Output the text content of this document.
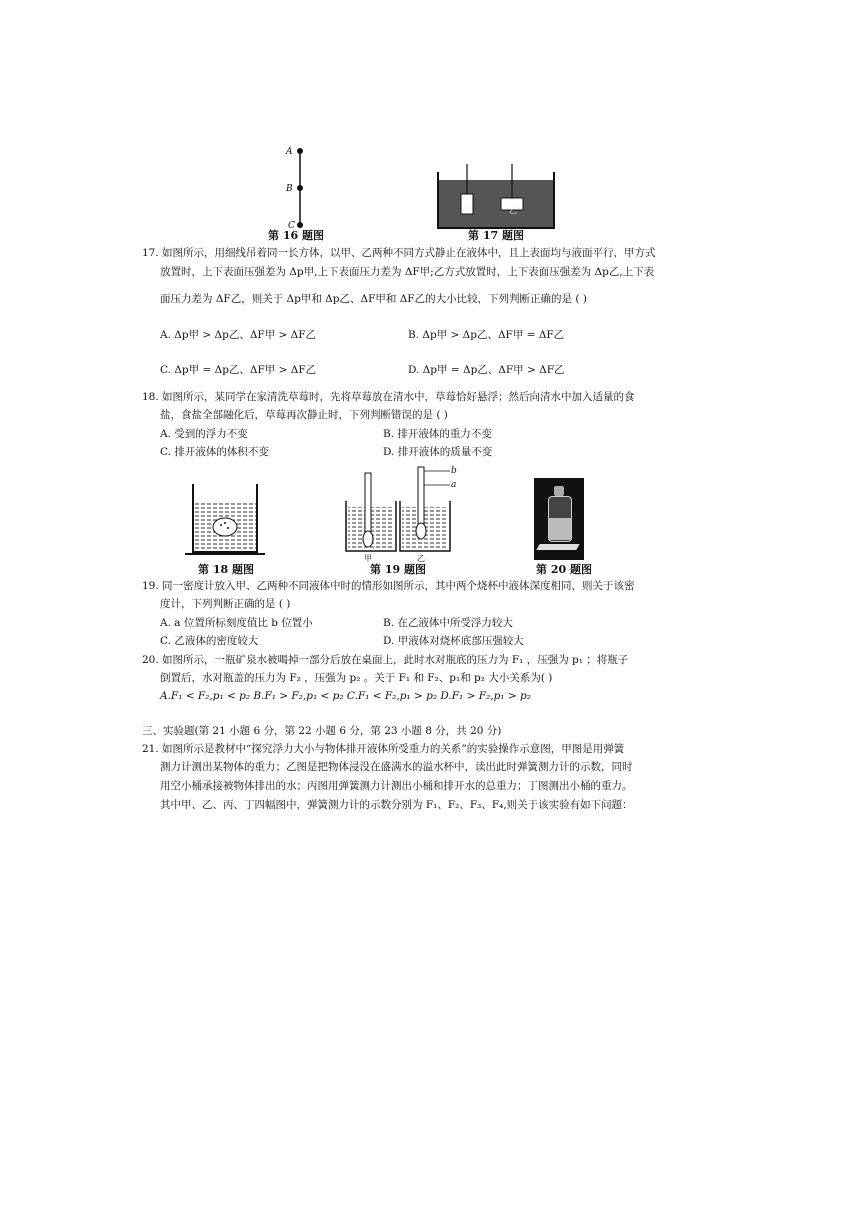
A
B
C
第 16 题图
甲	乙
第 17 题图
17. 如图所示，用细线吊着同一长方体，以甲、乙两种不同方式静止在液体中，且上表面均与液面平行，甲方式
放置时，上下表面压强差为 Δp甲,上下表面压力差为 ΔF甲;乙方式放置时，上下表面压强差为 Δp乙,上下表
面压力差为 ΔF乙，则关于 Δp甲和 Δp乙、ΔF甲和 ΔF乙的大小比较，下列判断正确的是 ( )
A. Δp甲 > Δp乙、ΔF甲 > ΔF乙	B. Δp甲 > Δp乙、ΔF甲 = ΔF乙
C. Δp甲 = Δp乙、ΔF甲 > ΔF乙	D. Δp甲 = Δp乙、ΔF甲 > ΔF乙
18. 如图所示，某同学在家清洗草莓时，先将草莓放在清水中，草莓恰好悬浮；然后向清水中加入适量的食
盐，食盐全部融化后，草莓再次静止时，下列判断错误的是 ( )
A. 受到的浮力不变	B. 排开液体的重力不变
C. 排开液体的体积不变	D. 排开液体的质量不变
第 18 题图
b
a
甲	乙
第 19 题图	第 20 题图
19. 同一密度计放入甲、乙两种不同液体中时的情形如图所示，其中两个烧杯中液体深度相同，则关于该密
度计，下列判断正确的是 ( )
A. a 位置所标刻度值比 b 位置小	B. 在乙液体中所受浮力较大
C. 乙液体的密度较大	D. 甲液体对烧杯底部压强较大
20. 如图所示，一瓶矿泉水被喝掉一部分后放在桌面上，此时水对瓶底的压力为 F₁ ，压强为 p₁ ；将瓶子
倒置后，水对瓶盖的压力为 F₂ ，压强为 p₂ 。关于 F₁ 和 F₂、p₁和 p₂ 大小关系为( )
A.F₁ < F₂,p₁ < p₂ B.F₁ > F₂,p₁ < p₂ C.F₁ < F₂,p₁ > p₂ D.F₁ > F₂,p₁ > p₂
三、实验题(第 21 小题 6 分，第 22 小题 6 分，第 23 小题 8 分，共 20 分)
21. 如图所示是教材中“探究浮力大小与物体排开液体所受重力的关系”的实验操作示意图，甲图是用弹簧
测力计测出某物体的重力；乙图是把物体浸没在盛满水的溢水杯中，读出此时弹簧测力计的示数，同时
用空小桶承接被物体排出的水；丙图用弹簧测力计测出小桶和排开水的总重力；丁图测出小桶的重力。
其中甲、乙、丙、丁四幅图中，弹簧测力计的示数分别为 F₁、F₂、F₃、F₄,则关于该实验有如下问题：
